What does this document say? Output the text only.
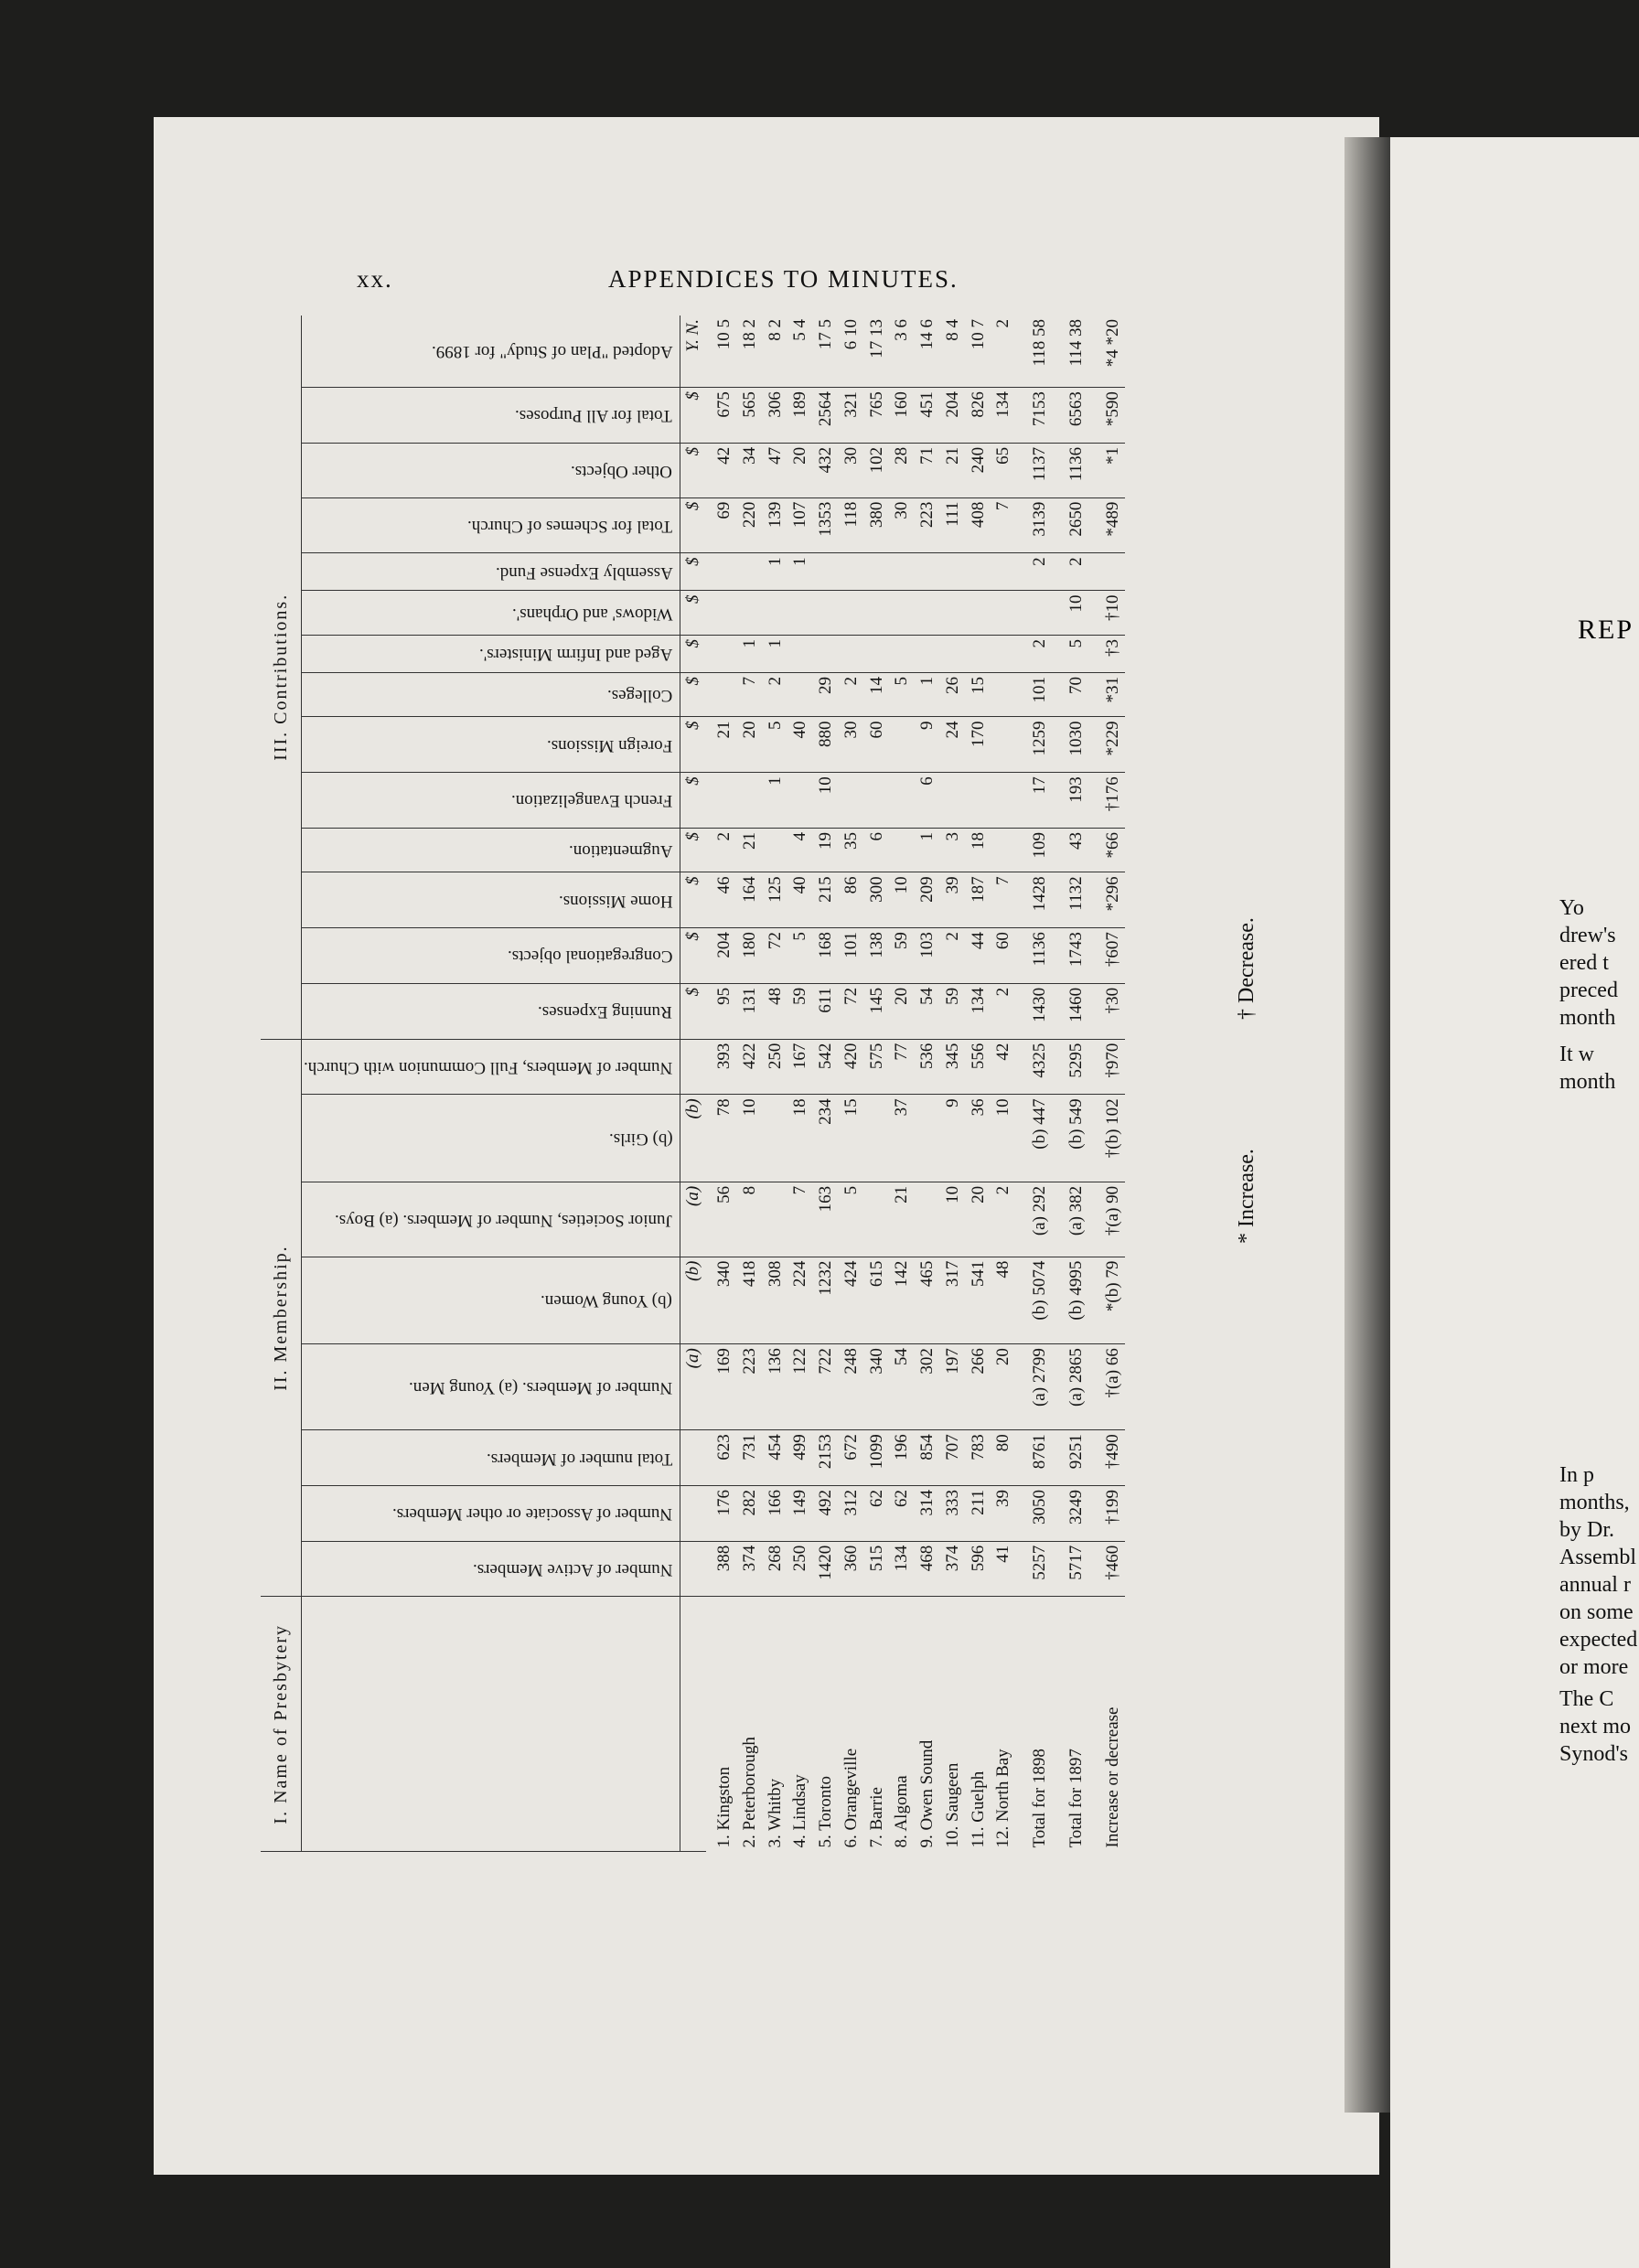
xx.	APPENDICES TO MINUTES.
I. Name of Presbytery	II. Membership.								III. Contributions.													
	Number of Active Members.	Number of Associate or other Members.	Total number of Members.	Number of Members. (a) Young Men.	(b) Young Women.	Junior Societies, Number of Members. (a) Boys.	(b) Girls.	Number of Members, Full Communion with Church.	Running Expenses.	Congregational objects.	Home Missions.	Augmentation.	French Evangelization.	Foreign Missions.	Colleges.	Aged and Infirm Ministers'.	Widows' and Orphans'.	Assembly Expense Fund.	Total for Schemes of Church.	Other Objects.	Total for All Purposes.	Adopted "Plan of Study" for 1899.
				(a)	(b)	(a)	(b)		$	$	$	$	$	$	$	$	$	$	$	$	$	Y. N.
1. Kingston	388	176	623	169	340	56	78	393	95	204	46	2		21					69	42	675	10 5
2. Peterborough	374	282	731	223	418	8	10	422	131	180	164	21		20	7	1			220	34	565	18 2
3. Whitby	268	166	454	136	308			250	48	72	125		1	5	2	1		1	139	47	306	8 2
4. Lindsay	250	149	499	122	224	7	18	167	59	5	40	4		40				1	107	20	189	5 4
5. Toronto	1420	492	2153	722	1232	163	234	542	611	168	215	19	10	880	29				1353	432	2564	17 5
6. Orangeville	360	312	672	248	424	5	15	420	72	101	86	35		30	2				118	30	321	6 10
7. Barrie	515	62	1099	340	615			575	145	138	300	6		60	14				380	102	765	17 13
8. Algoma	134	62	196	54	142	21	37	77	20	59	10				5				30	28	160	3 6
9. Owen Sound	468	314	854	302	465			536	54	103	209	1	6	9	1				223	71	451	14 6
10. Saugeen	374	333	707	197	317	10	9	345	59	2	39	3		24	26				111	21	204	8 4
11. Guelph	596	211	783	266	541	20	36	556	134	44	187	18		170	15				408	240	826	10 7
12. North Bay	41	39	80	20	48	2	10	42	2	60	7								7	65	134	2
Total for 1898	5257	3050	8761	(a) 2799	(b) 5074	(a) 292	(b) 447	4325	1430	1136	1428	109	17	1259	101	2		2	3139	1137	7153	118 58
Total for 1897	5717	3249	9251	(a) 2865	(b) 4995	(a) 382	(b) 549	5295	1460	1743	1132	43	193	1030	70	5	10	2	2650	1136	6563	114 38
Increase or decrease	†460	†199	†490	†(a) 66	*(b) 79	†(a) 90	†(b) 102	†970	†30	†607	*296	*66	†176	*229	*31	†3	†10		*489	*1	*590	*4 *20
† Decrease.
* Increase.
REP
Yo
drew's
ered t
preced
month
It w
month
In p
months,
by Dr.
Assembl
annual r
on some
expected
or more
The C
next mo
Synod's
